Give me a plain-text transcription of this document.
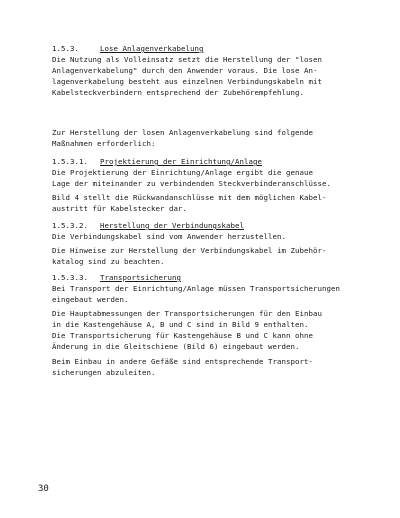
1.5.3.	Lose Anlagenverkabelung
Die Nutzung als Volleinsatz setzt die Herstellung der "losen
Anlagenverkabelung" durch den Anwender voraus. Die lose An-
lagenverkabelung besteht aus einzelnen Verbindungskabeln mit
Kabelsteckverbindern entsprechend der Zubehörempfehlung.
Zur Herstellung der losen Anlagenverkabelung sind folgende
Maßnahmen erforderlich:
1.5.3.1. Projektierung der Einrichtung/Anlage
Die Projektierung der Einrichtung/Anlage ergibt die genaue
Lage der miteinander zu verbindenden Steckverbinderanschlüsse.
Bild 4 stellt die Rückwandanschlüsse mit dem möglichen Kabel-
austritt für Kabelstecker dar.
1.5.3.2. Herstellung der Verbindungskabel
Die Verbindungskabel sind vom Anwender herzustellen.
Die Hinweise zur Herstellung der Verbindungskabel im Zubehör-
katalog sind zu beachten.
1.5.3.3. Transportsicherung
Bei Transport der Einrichtung/Anlage müssen Transportsicherungen
eingebaut werden.
Die Hauptabmessungen der Transportsicherungen für den Einbau
in die Kastengehäuse A, B und C sind in Bild 9 enthalten.
Die Transportsicherung für Kastengehäuse B und C kann ohne
Änderung in die Gleitschiene (Bild 6) eingebaut werden.
Beim Einbau in andere Gefäße sind entsprechende Transport-
sicherungen abzuleiten.
30
